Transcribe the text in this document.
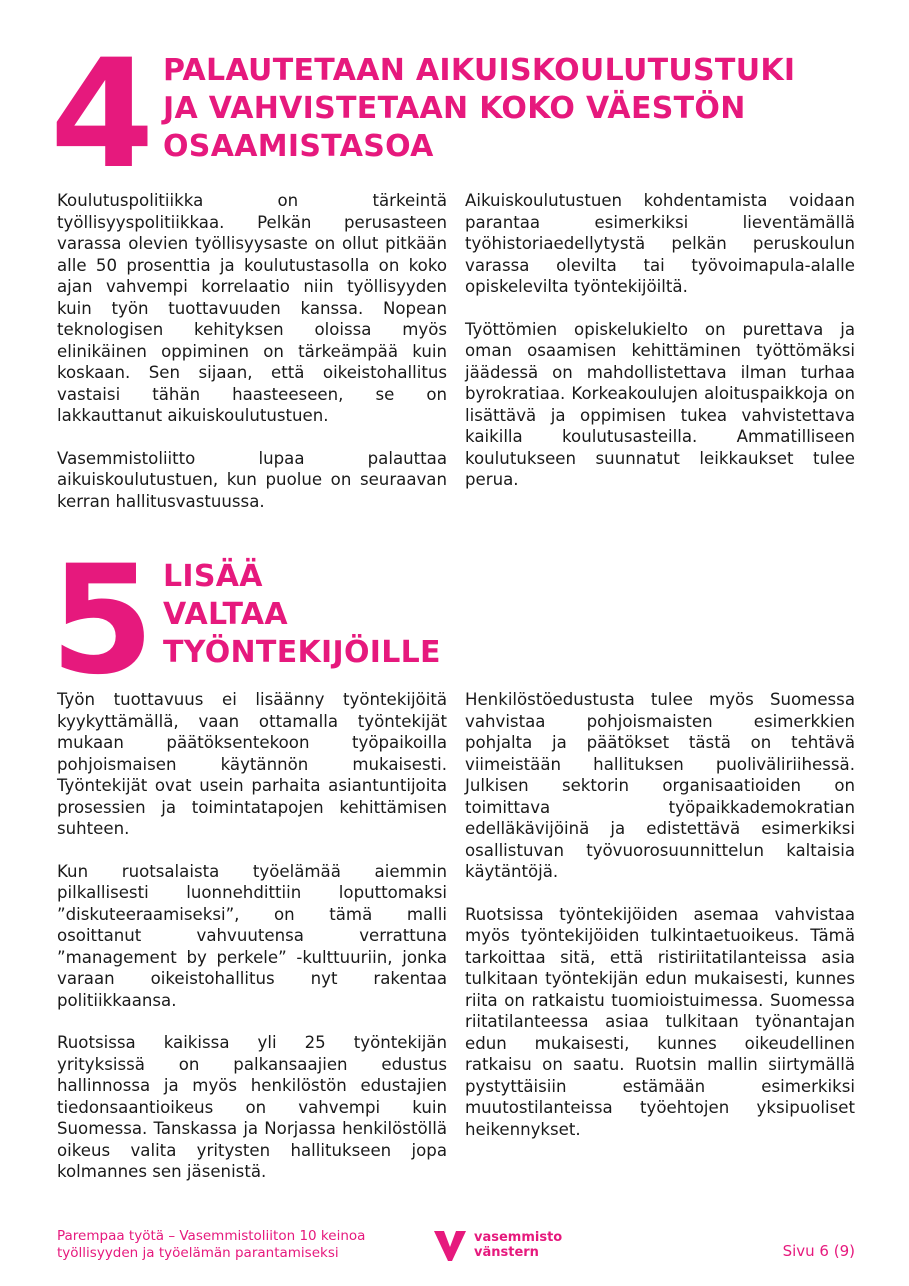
4 PALAUTETAAN AIKUISKOULUTUSTUKI
JA VAHVISTETAAN KOKO VÄESTÖN
OSAAMISTASOA

Koulutuspolitiikka on tärkeintä työllisyyspolitiikkaa. Pelkän perusasteen varassa olevien työllisyysaste on ollut pitkään alle 50 prosenttia ja koulutustasolla on koko ajan vahvempi korrelaatio niin työllisyyden kuin työn tuottavuuden kanssa. Nopean teknologisen kehityksen oloissa myös elinikäinen oppiminen on tärkeämpää kuin koskaan. Sen sijaan, että oikeistohallitus vastaisi tähän haasteeseen, se on lakkauttanut aikuiskoulutustuen.

Vasemmistoliitto lupaa palauttaa aikuiskoulutustuen, kun puolue on seuraavan kerran hallitusvastuussa.

Aikuiskoulutustuen kohdentamista voidaan parantaa esimerkiksi lieventämällä työhistoriaedellytystä pelkän peruskoulun varassa olevilta tai työvoimapula-alalle opiskelevilta työntekijöiltä.

Työttömien opiskelukielto on purettava ja oman osaamisen kehittäminen työttömäksi jäädessä on mahdollistettava ilman turhaa byrokratiaa. Korkeakoulujen aloituspaikkoja on lisättävä ja oppimisen tukea vahvistettava kaikilla koulutusasteilla. Ammatilliseen koulutukseen suunnatut leikkaukset tulee perua.

5 LISÄÄ
VALTAA
TYÖNTEKIJÖILLE

Työn tuottavuus ei lisäänny työntekijöitä kyykyttämällä, vaan ottamalla työntekijät mukaan päätöksentekoon työpaikoilla pohjoismaisen käytännön mukaisesti. Työntekijät ovat usein parhaita asiantuntijoita prosessien ja toimintatapojen kehittämisen suhteen.

Kun ruotsalaista työelämää aiemmin pilkallisesti luonnehdittiin loputtomaksi ”diskuteeraamiseksi”, on tämä malli osoittanut vahvuutensa verrattuna ”management by perkele” -kulttuuriin, jonka varaan oikeistohallitus nyt rakentaa politiikkaansa.

Ruotsissa kaikissa yli 25 työntekijän yrityksissä on palkansaajien edustus hallinnossa ja myös henkilöstön edustajien tiedonsaantioikeus on vahvempi kuin Suomessa. Tanskassa ja Norjassa henkilöstöllä oikeus valita yritysten hallitukseen jopa kolmannes sen jäsenistä.

Henkilöstöedustusta tulee myös Suomessa vahvistaa pohjoismaisten esimerkkien pohjalta ja päätökset tästä on tehtävä viimeistään hallituksen puoliväliriihessä. Julkisen sektorin organisaatioiden on toimittava työpaikkademokratian edelläkävijöinä ja edistettävä esimerkiksi osallistuvan työvuorosuunnittelun kaltaisia käytäntöjä.

Ruotsissa työntekijöiden asemaa vahvistaa myös työntekijöiden tulkintaetuoikeus. Tämä tarkoittaa sitä, että ristiriitatilanteissa asia tulkitaan työntekijän edun mukaisesti, kunnes riita on ratkaistu tuomioistuimessa. Suomessa riitatilanteessa asiaa tulkitaan työnantajan edun mukaisesti, kunnes oikeudellinen ratkaisu on saatu. Ruotsin mallin siirtymällä pystyttäisiin estämään esimerkiksi muutostilanteissa työehtojen yksipuoliset heikennykset.

Parempaa työtä – Vasemmistoliiton 10 keinoa
työllisyyden ja työelämän parantamiseksi
vasemmisto
vänstern	Sivu 6 (9)
